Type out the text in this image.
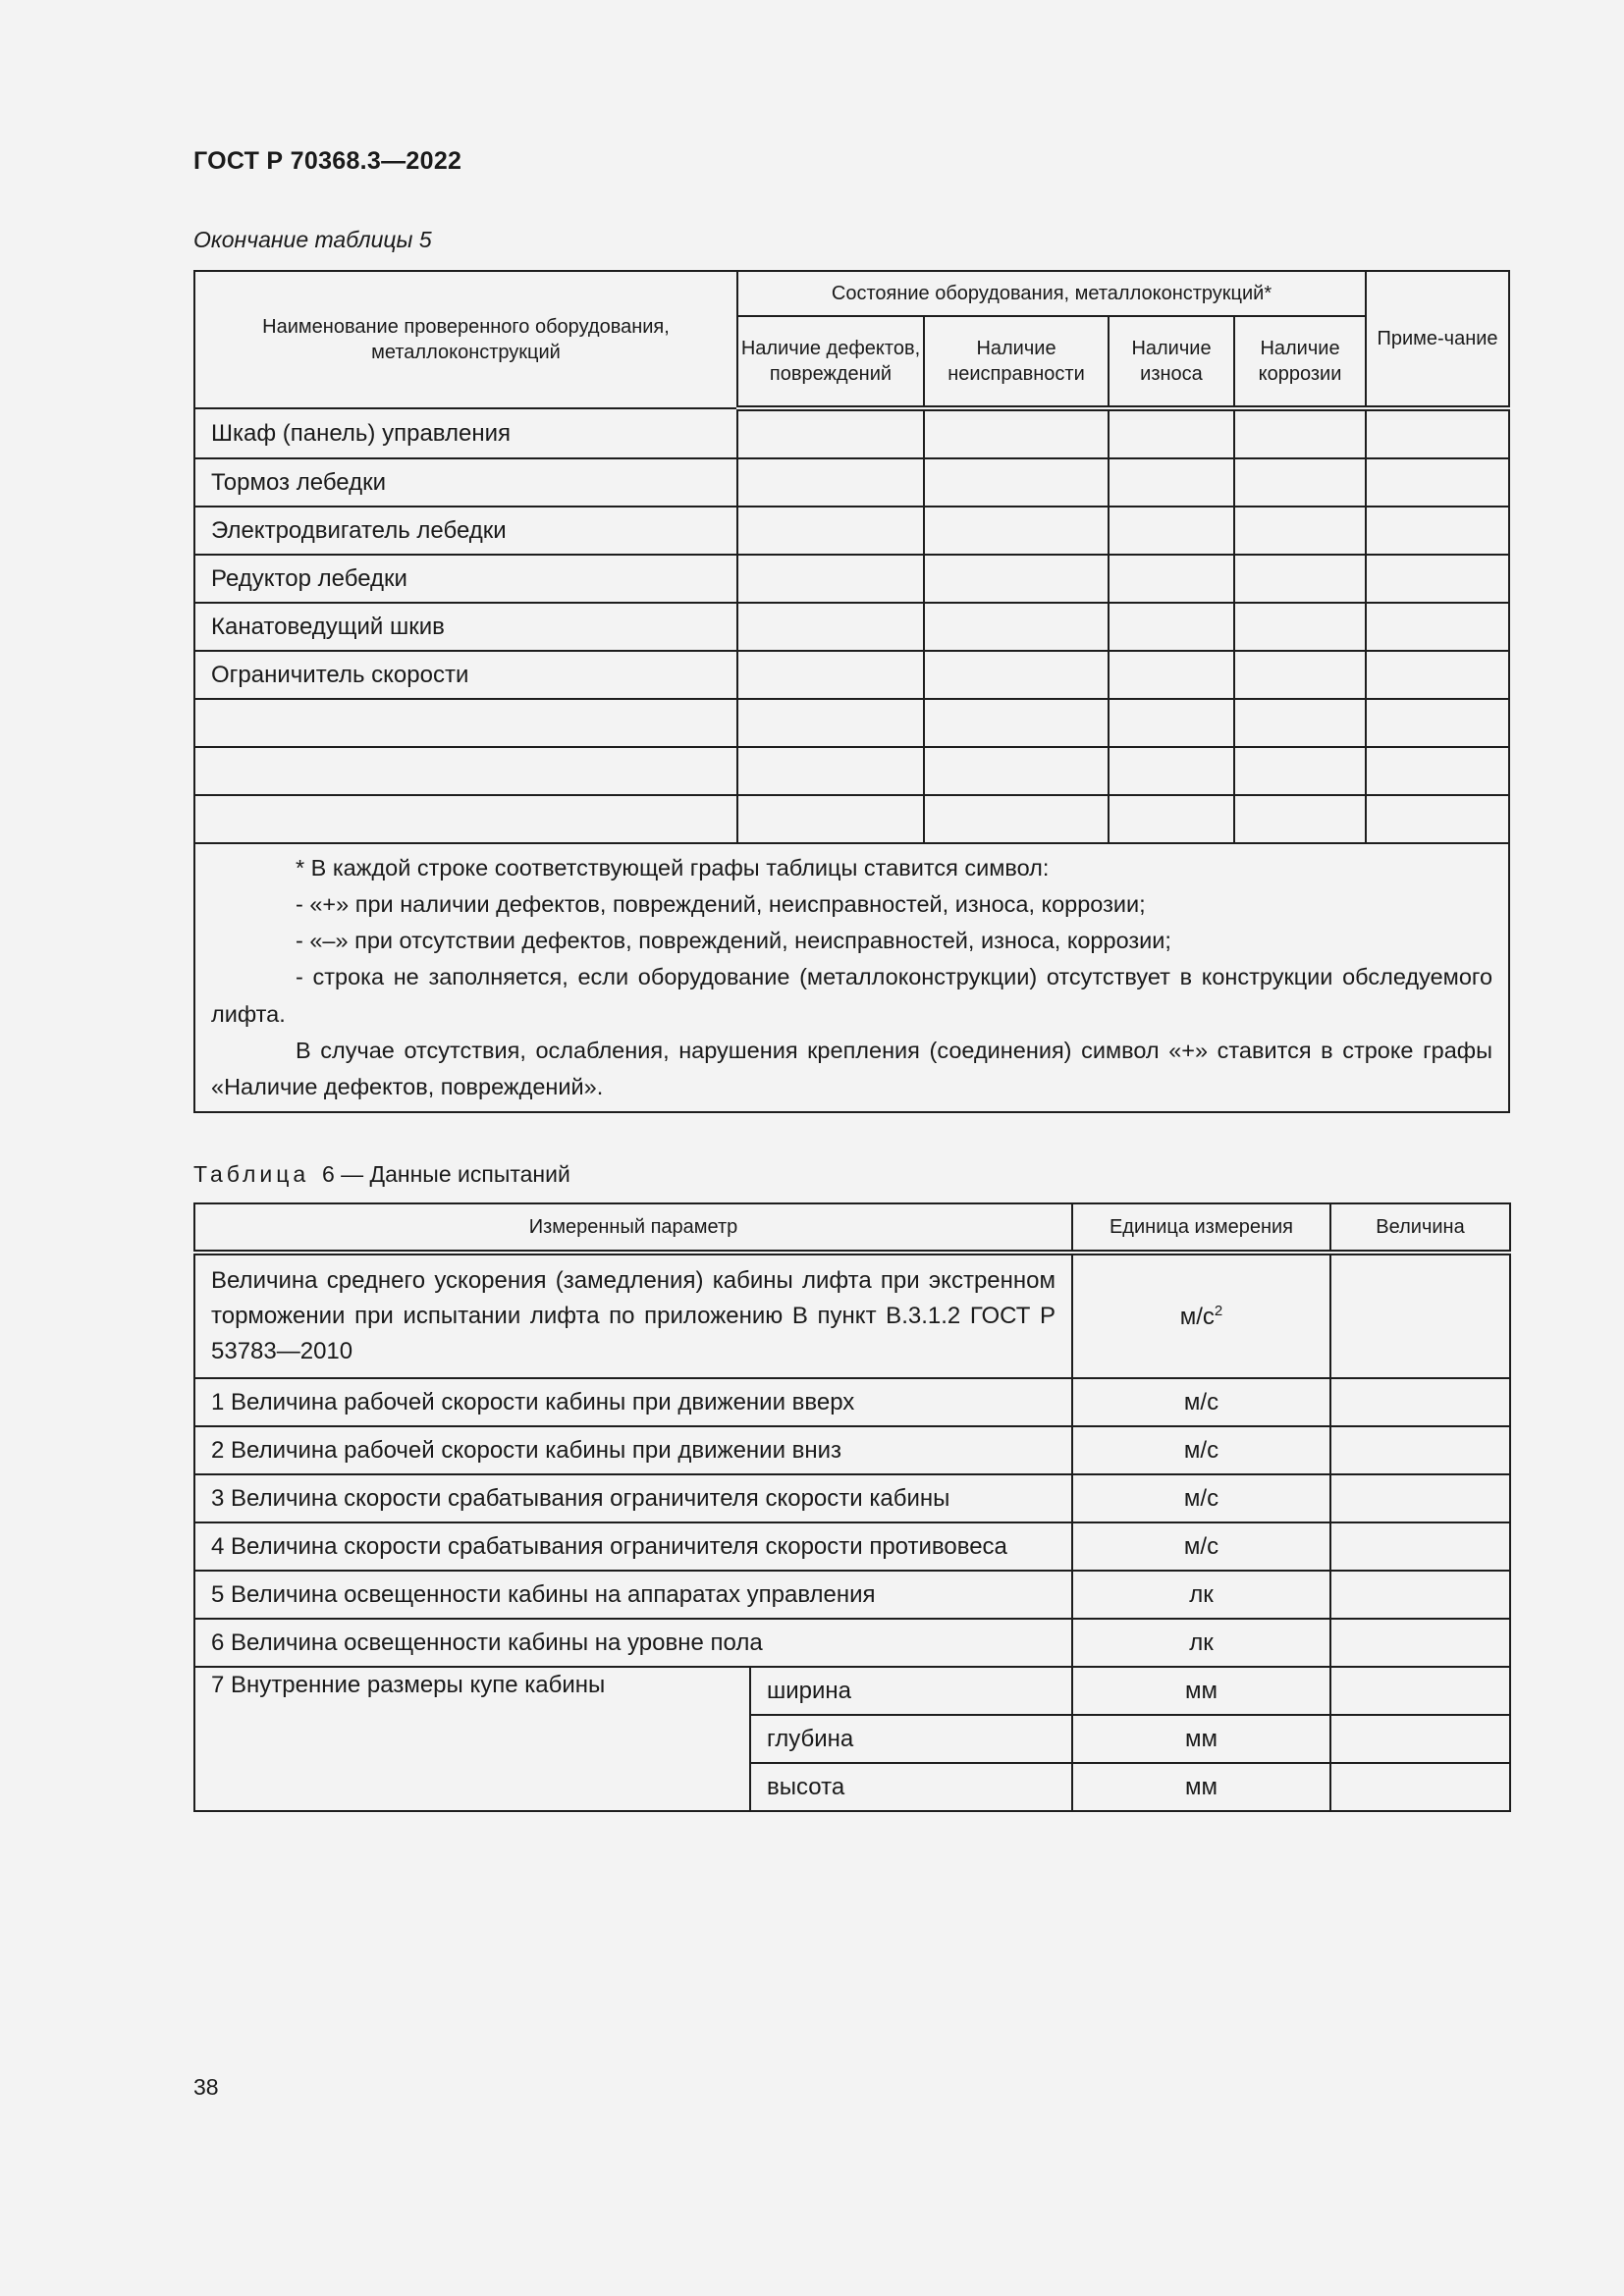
ГОСТ Р 70368.3—2022
Окончание таблицы 5
Наименование проверенного оборудования, металлоконструкций	Состояние оборудования, металлоконструкций*				Приме-чание
	Наличие дефектов, повреждений	Наличие неисправности	Наличие износа	Наличие коррозии	
Шкаф (панель) управления					
Тормоз лебедки					
Электродвигатель лебедки					
Редуктор лебедки					
Канатоведущий шкив					
Ограничитель скорости					

* В каждой строке соответствующей графы таблицы ставится символ:

- «+» при наличии дефектов, повреждений, неисправностей, износа, коррозии;

- «–» при отсутствии дефектов, повреждений, неисправностей, износа, коррозии;

- строка не заполняется, если оборудование (металлоконструкции) отсутствует в конструкции обследуемого лифта.

В случае отсутствия, ослабления, нарушения крепления (соединения) символ «+» ставится в строке графы «Наличие дефектов, повреждений».					

Таблица 6 — Данные испытаний
Измеренный параметр		Единица измерения	Величина
Величина среднего ускорения (замедления) кабины лифта при экстренном торможении при испытании лифта по приложению В пункт В.3.1.2 ГОСТ Р 53783—2010		$м/с^2$	
1 Величина рабочей скорости кабины при движении вверх		м/с	
2 Величина рабочей скорости кабины при движении вниз		м/с	
3 Величина скорости срабатывания ограничителя скорости кабины		м/с	
4 Величина скорости срабатывания ограничителя скорости противовеса		м/с	
5 Величина освещенности кабины на аппаратах управления		лк	
6 Величина освещенности кабины на уровне пола		лк	
7 Внутренние размеры купе кабины	ширина	мм	
	глубина	мм	
	высота	мм	
38
